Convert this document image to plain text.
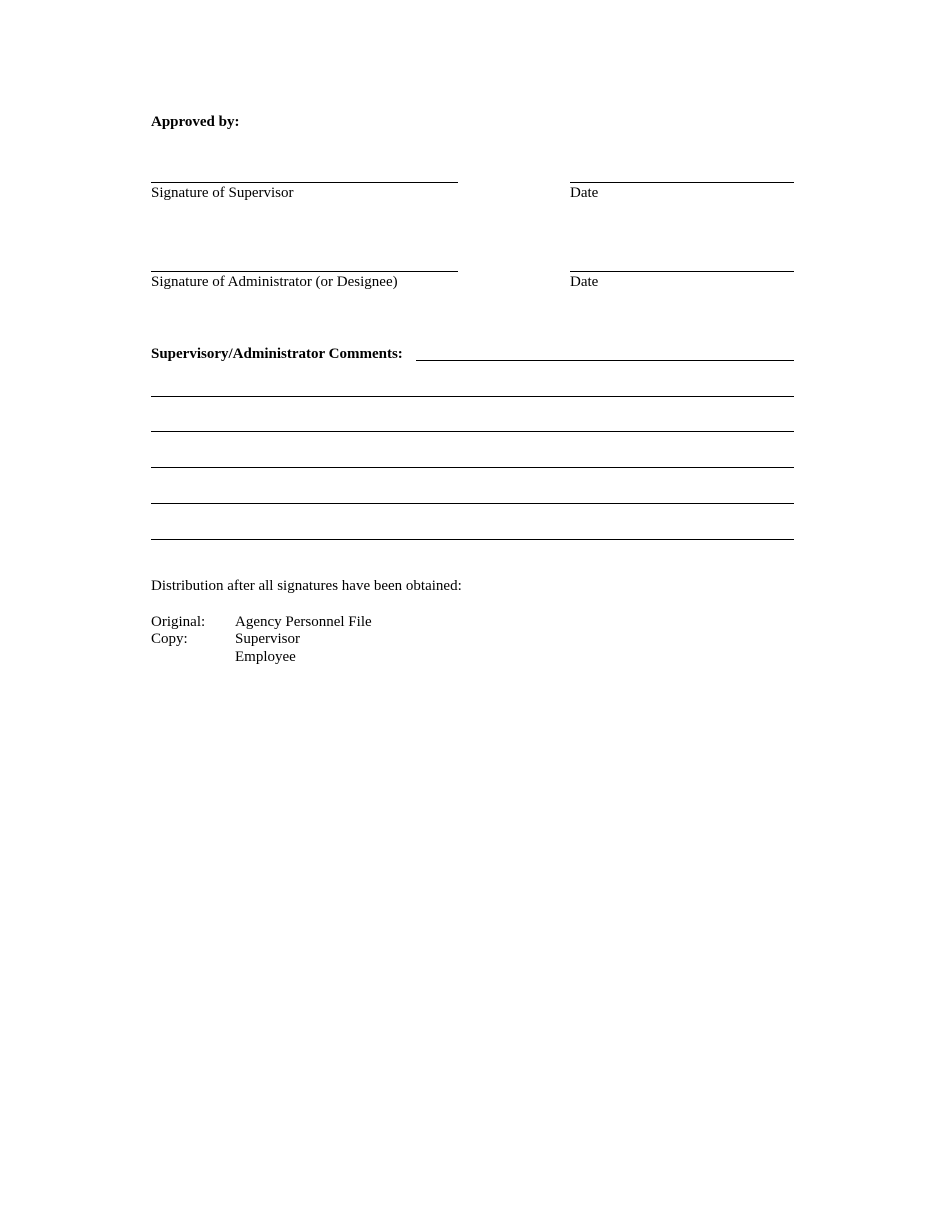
Approved by:
Signature of Supervisor	Date
Signature of Administrator (or Designee)	Date
Supervisory/Administrator Comments:
Distribution after all signatures have been obtained:
Original: Agency Personnel File
Copy:	Supervisor
Employee
